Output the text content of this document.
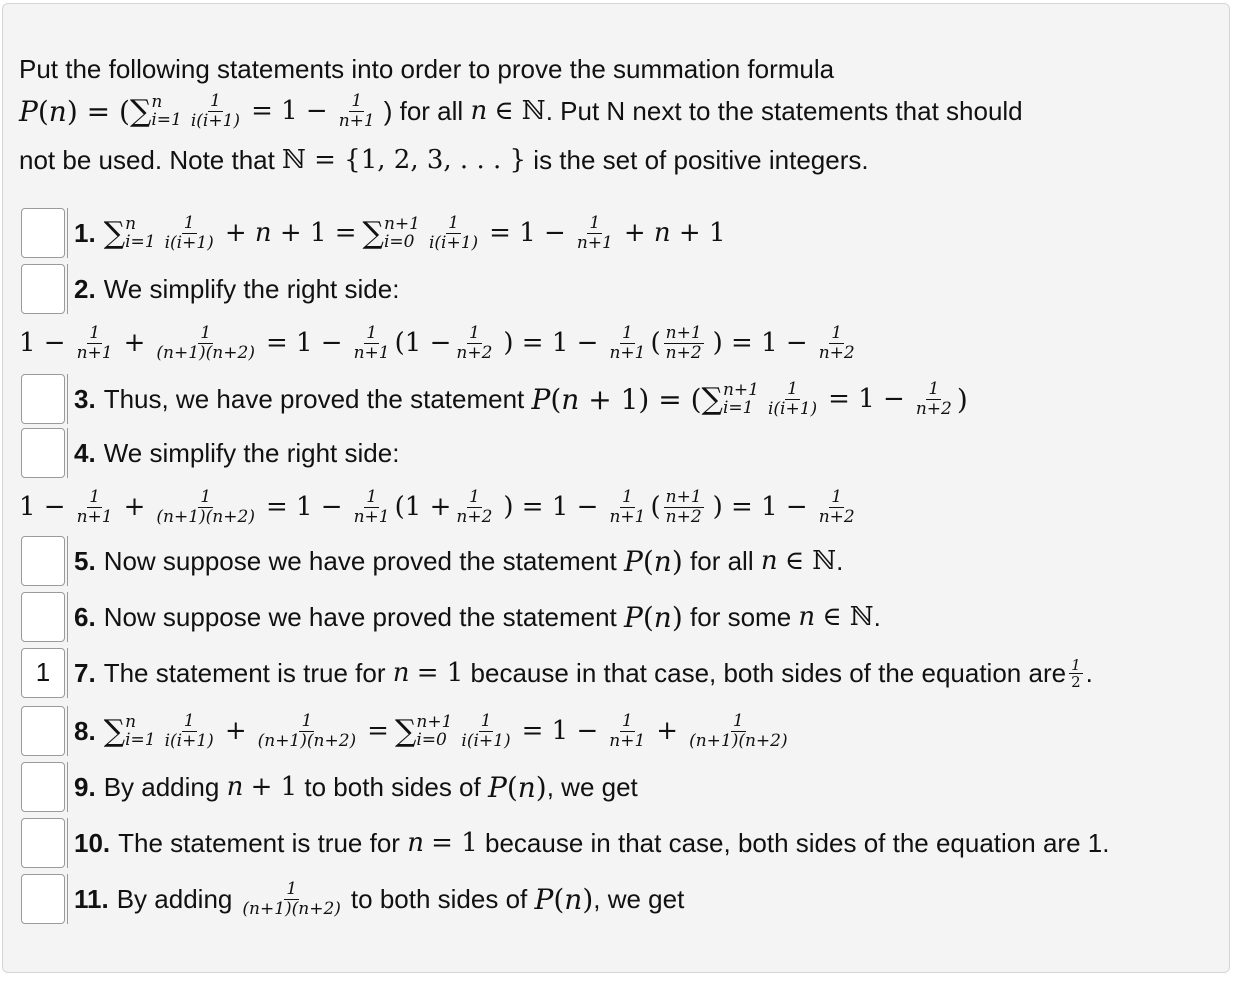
Put the following statements into order to prove the summation formula
P ( n ) = ( ∑ n
$i=1 \frac{1}{i(i+1)} = 1 - \frac{1}{n+1}$ ) for all
n
∈ ℕ . Put N next to the statements that should
not be used. Note that
ℕ = {1, 2, 3, . . . }
is the set of positive integers.
1. ∑ n
$i=1 \frac{1}{i(i+1)} + n + 1$ = ∑ n+1
$i=0 \frac{1}{i(i+1)} = 1 - \frac{1}{n+1} + n + 1$
2. We simplify the right side:
$1 - \frac{1}{n+1} + \frac{1}{(n+1)(n+2)} = 1 - \frac{1}{n+1} (1 - \frac{1}{n+2}$ ) = $1 - \frac{1}{n+1}$ ( $\frac{n+1}{n+2}$ ) = $1 - \frac{1}{n+2}$
3. Thus, we have proved the statement
P ( n + 1) = ( ∑ n+1
$i=1 \frac{1}{i(i+1)} = 1 - \frac{1}{n+2}$ )
4. We simplify the right side:
$1 - \frac{1}{n+1} + \frac{1}{(n+1)(n+2)} = 1 - \frac{1}{n+1} (1 + \frac{1}{n+2}$ ) = $1 - \frac{1}{n+1}$ ( $\frac{n+1}{n+2}$ ) = $1 - \frac{1}{n+2}$
5. Now suppose we have proved the statement
P ( n )
for all
n
∈ ℕ .
6. Now suppose we have proved the statement
P ( n )
for some
n
∈ ℕ .
1 7. The statement is true for
n
= 1
because in that case, both sides of the equation are $\frac{1}{2}$ .
8. ∑ n
$i=1 \frac{1}{i(i+1)} + \frac{1}{(n+1)(n+2)}$ = ∑ n+1
$i=0 \frac{1}{i(i+1)} = 1 - \frac{1}{n+1} + \frac{1}{(n+1)(n+2)}$
9. By adding
n
+ 1
to both sides of
P ( n ) , we get
10. The statement is true for
n
= 1
because in that case, both sides of the equation are 1.
11. By adding $\frac{1}{(n+1)(n+2)}$ to both sides of
P ( n ) , we get
